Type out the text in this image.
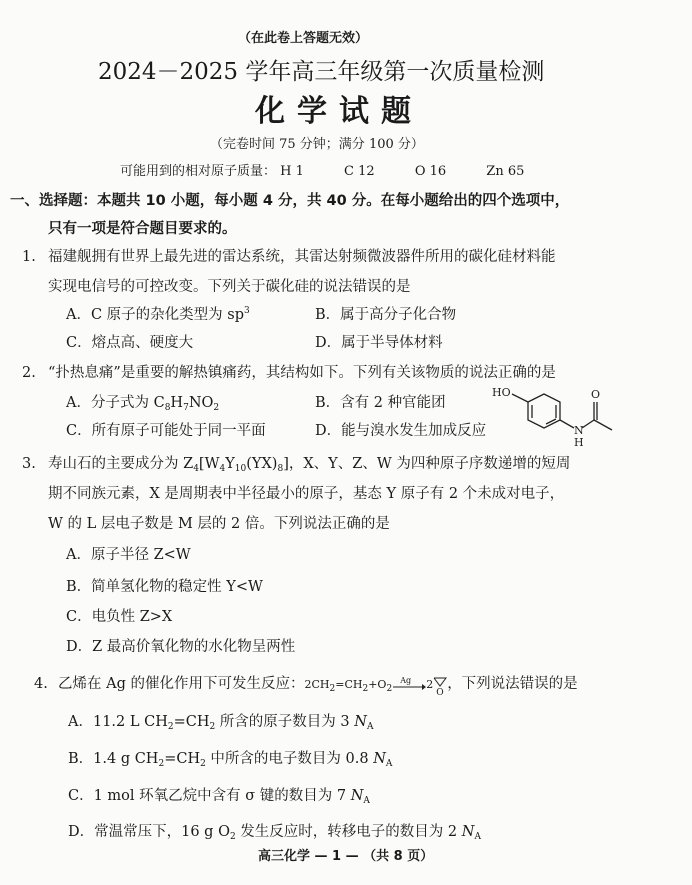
（在此卷上答题无效）
2024－2025 学年高三年级第一次质量检测
化学试题
（完卷时间 75 分钟；满分 100 分）
可能用到的相对原子质量： H 1	C 12	O 16	Zn 65
一、选择题：本题共 10 小题，每小题 4 分，共 40 分。在每小题给出的四个选项中，
只有一项是符合题目要求的。
1. 福建舰拥有世界上最先进的雷达系统，其雷达射频微波器件所用的碳化硅材料能
实现电信号的可控改变。下列关于碳化硅的说法错误的是
A．C 原子的杂化类型为 $sp^3$	B．属于高分子化合物
C．熔点高、硬度大	D．属于半导体材料
2. “扑热息痛”是重要的解热镇痛药，其结构如下。下列有关该物质的说法正确的是
A．分子式为 $C_8H_7NO_2$	B．含有 2 种官能团
C．所有原子可能处于同一平面	D．能与溴水发生加成反应
HO	O
N
H
3. 寿山石的主要成分为 $Z_4[W_4Y_{10}(YX)_8]$，X、Y、Z、W 为四种原子序数递增的短周
期不同族元素，X 是周期表中半径最小的原子，基态 Y 原子有 2 个未成对电子，
W 的 L 层电子数是 M 层的 2 倍。下列说法正确的是
A．原子半径 Z<W
B．简单氢化物的稳定性 Y<W
C．电负性 Z>X
D．Z 最高价氧化物的水化物呈两性
4. 乙烯在 Ag 的催化作用下可发生反应：$2CH_2=CH_2+O_2$
Ag 2
O
，下列说法错误的是
A．11.2 L $CH_2=CH_2$ 所含的原子数目为 3 $N_A$
B．1.4 g $CH_2=CH_2$ 中所含的电子数目为 0.8 $N_A$
C．1 mol 环氧乙烷中含有 σ 键的数目为 7 $N_A$
D．常温常压下，16 g $O_2$ 发生反应时，转移电子的数目为 2 $N_A$
高三化学 — 1 — （共 8 页）
